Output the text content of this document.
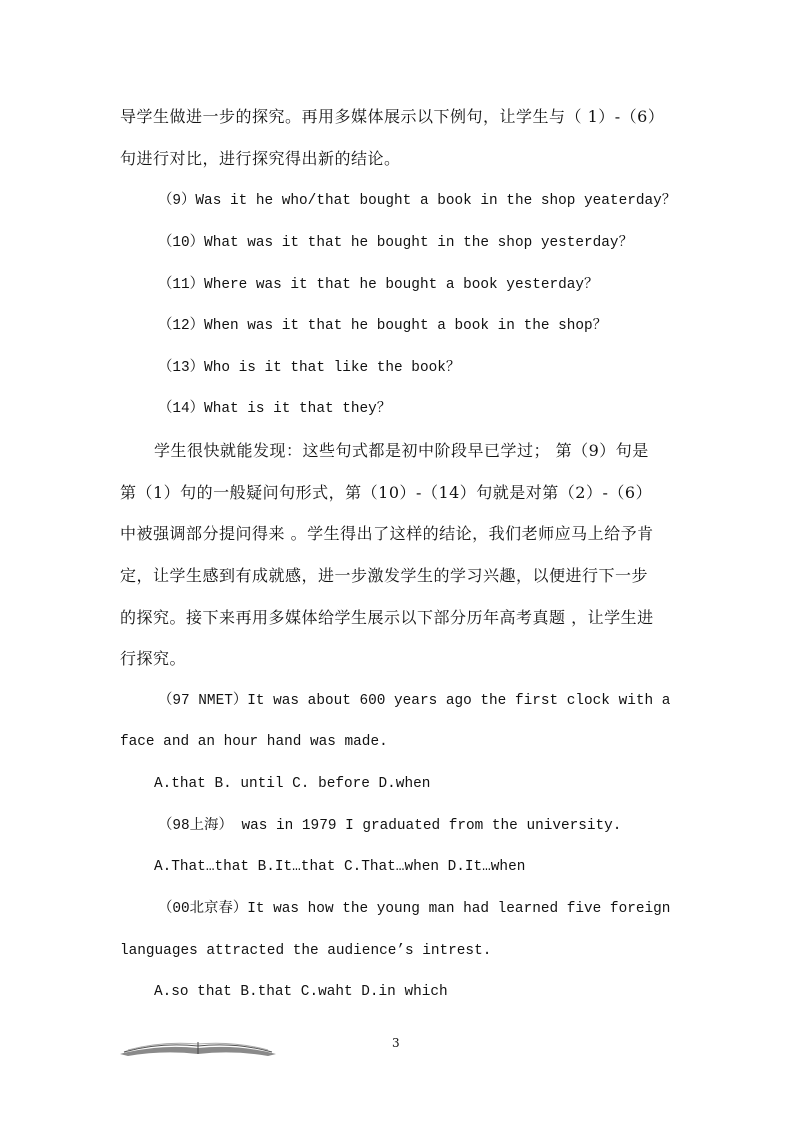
导学生做进一步的探究。再用多媒体展示以下例句，让学生与（ 1）-（6）
句进行对比，进行探究得出新的结论。
（9）Was it he who/that bought a book in the shop yeaterday？
（10）What was it that he bought in the shop yesterday？
（11）Where was it that he bought a book yesterday？
（12）When was it that he bought a book in the shop？
（13）Who is it that like the book？
（14）What is it that they？
学生很快就能发现：这些句式都是初中阶段早已学过； 第（9）句是
第（1）句的一般疑问句形式，第（10）-（14）句就是对第（2）-（6）
中被强调部分提问得来 。学生得出了这样的结论，我们老师应马上给予肯
定，让学生感到有成就感，进一步激发学生的学习兴趣，以便进行下一步
的探究。接下来再用多媒体给学生展示以下部分历年高考真题 ，让学生进
行探究。
（97 NMET）It was about 600 years ago the first clock with a
face and an hour hand was made.
A.that B. until C. before D.when
（98上海） was in 1979 I graduated from the university.
A.That…that B.It…that C.That…when D.It…when
（00北京春）It was how the young man had learned five foreign
languages attracted the audience’s intrest.
A.so that B.that C.waht D.in which
3
